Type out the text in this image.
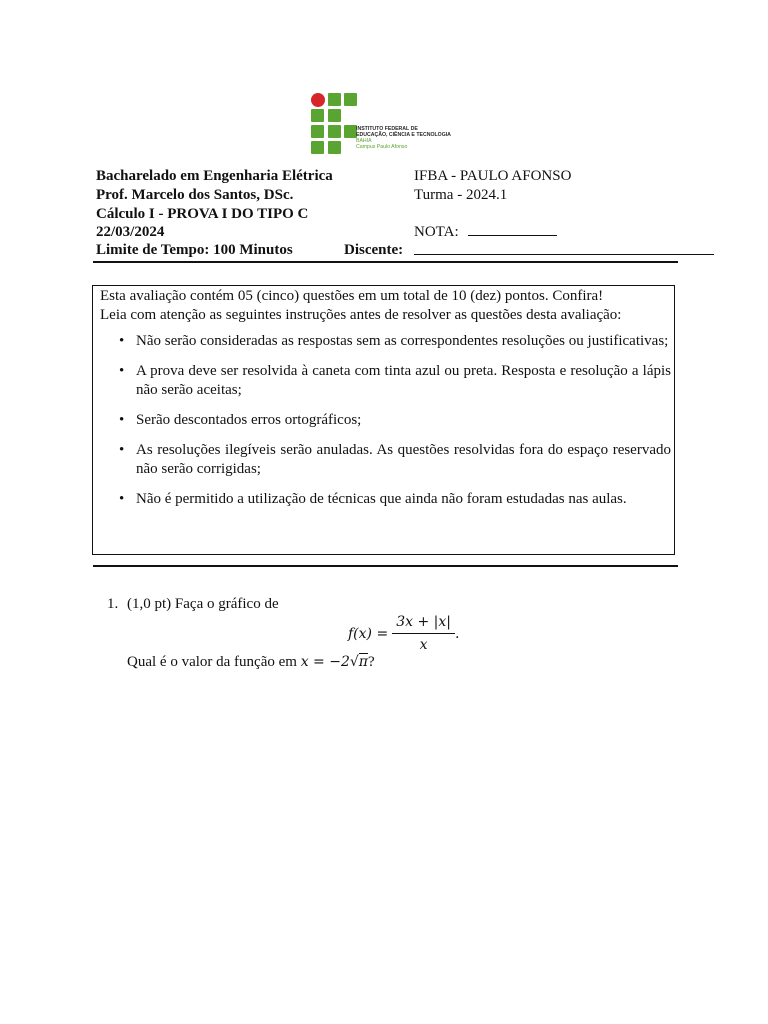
INSTITUTO FEDERAL DE
EDUCAÇÃO, CIÊNCIA E TECNOLOGIA
BAHIA
Campus Paulo Afonso
Bacharelado em Engenharia Elétrica
Prof. Marcelo dos Santos, DSc.
Cálculo I - PROVA I DO TIPO C
22/03/2024
Limite de Tempo: 100 Minutos	Discente:
IFBA - PAULO AFONSO
Turma - 2024.1
NOTA:

Esta avaliação contém 05 (cinco) questões em um total de 10 (dez) pontos. Confira!

Leia com atenção as seguintes instruções antes de resolver as questões desta avaliação:

• Não serão consideradas as respostas sem as correspondentes resoluções ou justificativas;
• A prova deve ser resolvida à caneta com tinta azul ou preta. Resposta e resolução a lápis não serão aceitas;
• Serão descontados erros ortográficos;
• As resoluções ilegíveis serão anuladas. As questões resolvidas fora do espaço reservado não serão corrigidas;
• Não é permitido a utilização de técnicas que ainda não foram estudadas nas aulas.
1. (1,0 pt) Faça o gráfico de
$f(x) = \frac{3x + |x|}{x}$ .
Qual é o valor da função em x = −2√π?
